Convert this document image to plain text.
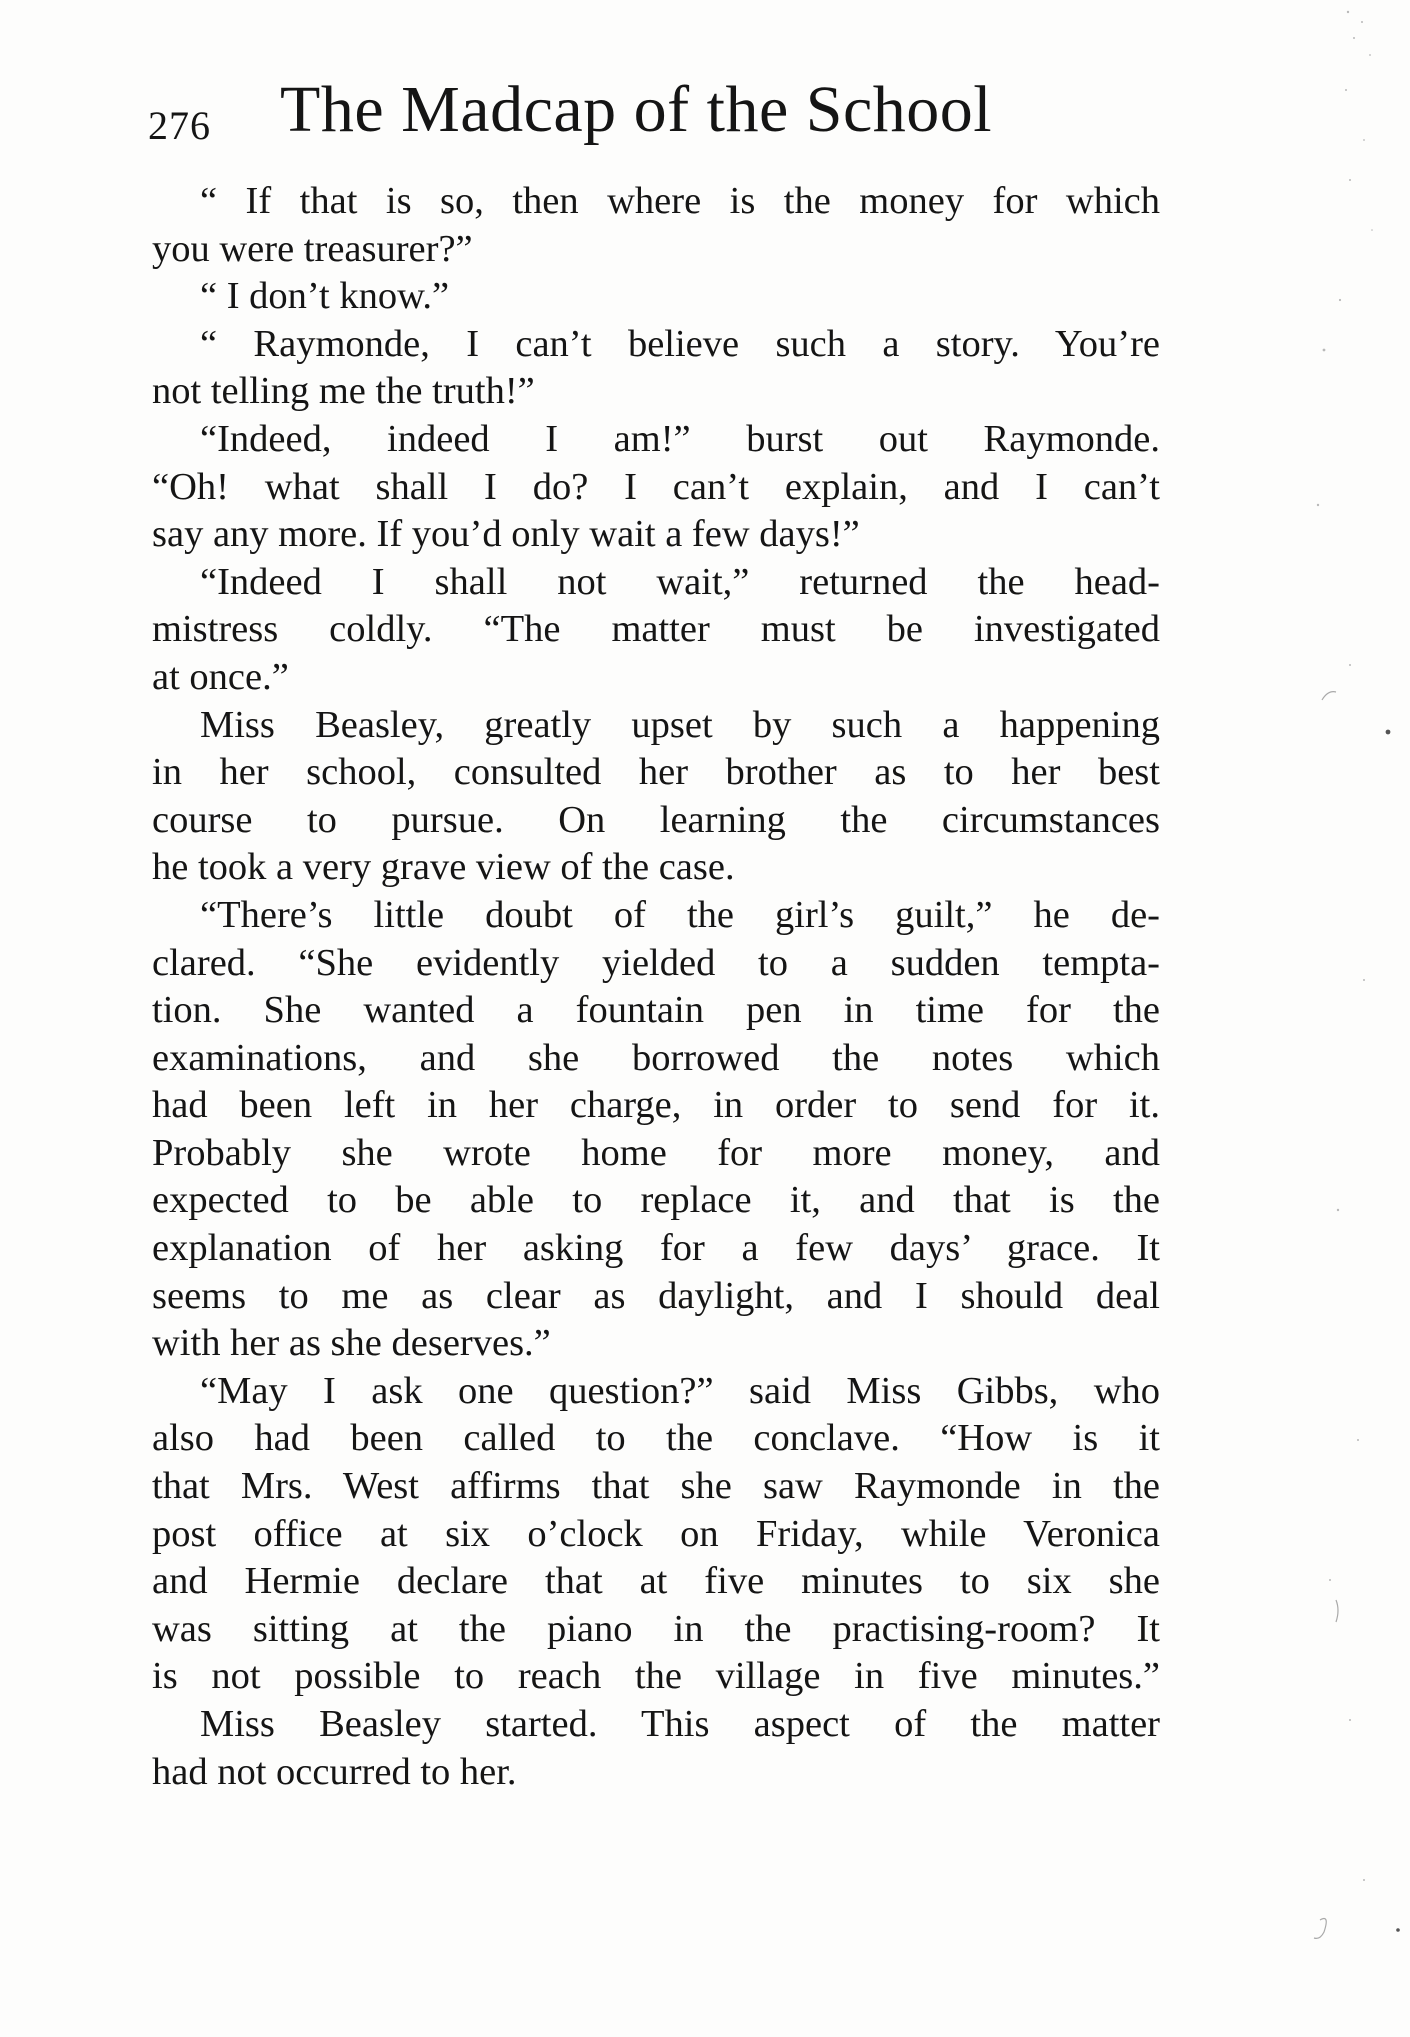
276 The Madcap of the School
“ If that is so, then where is the money for which
you were treasurer?”
“ I don’t know.”
“ Raymonde, I can’t believe such a story. You’re
not telling me the truth!”
“Indeed, indeed I am!” burst out Raymonde.
“Oh! what shall I do? I can’t explain, and I can’t
say any more. If you’d only wait a few days!”
“Indeed I shall not wait,” returned the head-
mistress coldly. “The matter must be investigated
at once.”
Miss Beasley, greatly upset by such a happening
in her school, consulted her brother as to her best
course to pursue. On learning the circumstances
he took a very grave view of the case.
“There’s little doubt of the girl’s guilt,” he de-
clared. “She evidently yielded to a sudden tempta-
tion. She wanted a fountain pen in time for the
examinations, and she borrowed the notes which
had been left in her charge, in order to send for it.
Probably she wrote home for more money, and
expected to be able to replace it, and that is the
explanation of her asking for a few days’ grace. It
seems to me as clear as daylight, and I should deal
with her as she deserves.”
“May I ask one question?” said Miss Gibbs, who
also had been called to the conclave. “How is it
that Mrs. West affirms that she saw Raymonde in the
post office at six o’clock on Friday, while Veronica
and Hermie declare that at five minutes to six she
was sitting at the piano in the practising-room? It
is not possible to reach the village in five minutes.”
Miss Beasley started. This aspect of the matter
had not occurred to her.
